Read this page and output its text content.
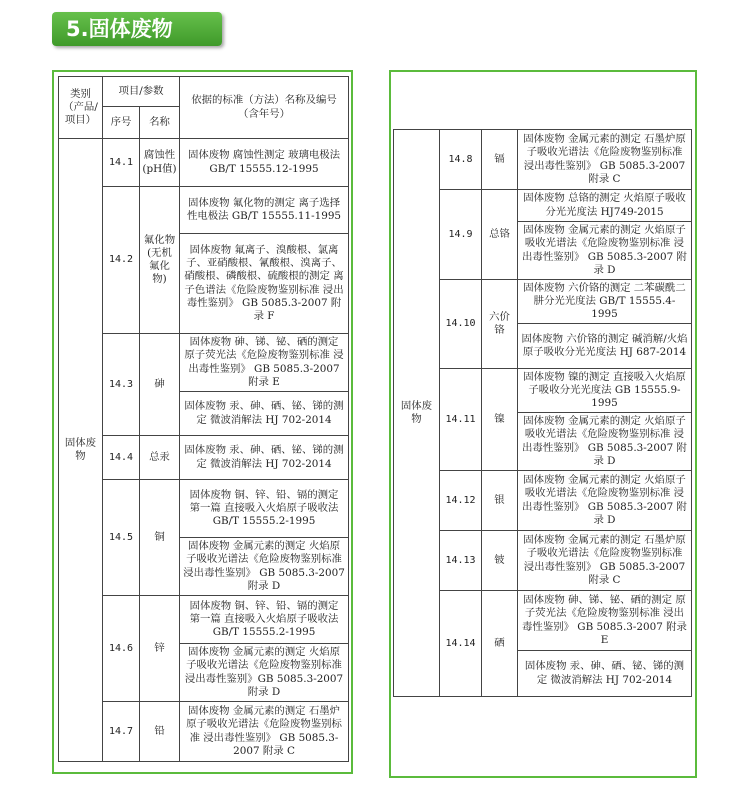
5.固体废物
类别（产品/项目）	项目/参数		依据的标准（方法）名称及编号（含年号）
	序号	名称	
固体废物	14.1	腐蚀性(pH值)	固体废物 腐蚀性测定 玻璃电极法 GB/T 15555.12-1995
	14.2	氟化物(无机氟化物)	固体废物 氟化物的测定 离子选择性电极法 GB/T 15555.11-1995
			固体废物 氟离子、溴酸根、氯离子、亚硝酸根、氰酸根、溴离子、硝酸根、磷酸根、硫酸根的测定 离子色谱法《危险废物鉴别标准 浸出毒性鉴别》 GB 5085.3-2007 附录 F
	14.3	砷	固体废物 砷、锑、铋、硒的测定 原子荧光法《危险废物鉴别标准 浸出毒性鉴别》 GB 5085.3-2007 附录 E
			固体废物 汞、砷、硒、铋、锑的测定 微波消解法 HJ 702-2014
	14.4	总汞	固体废物 汞、砷、硒、铋、锑的测定 微波消解法 HJ 702-2014
	14.5	铜	固体废物 铜、锌、铅、镉的测定 第一篇 直接吸入火焰原子吸收法 GB/T 15555.2-1995
			固体废物 金属元素的测定 火焰原子吸收光谱法《危险废物鉴别标准 浸出毒性鉴别》 GB 5085.3-2007 附录 D
	14.6	锌	固体废物 铜、锌、铅、镉的测定 第一篇 直接吸入火焰原子吸收法 GB/T 15555.2-1995
			固体废物 金属元素的测定 火焰原子吸收光谱法《危险废物鉴别标准 浸出毒性鉴别》GB 5085.3-2007 附录 D
	14.7	铅	固体废物 金属元素的测定 石墨炉原子吸收光谱法《危险废物鉴别标准 浸出毒性鉴别》 GB 5085.3-2007 附录 C
固体废物	14.8	镉	固体废物 金属元素的测定 石墨炉原子吸收光谱法《危险废物鉴别标准 浸出毒性鉴别》 GB 5085.3-2007 附录 C
	14.9	总铬	固体废物 总铬的测定 火焰原子吸收分光光度法 HJ749-2015
			固体废物 金属元素的测定 火焰原子吸收光谱法《危险废物鉴别标准 浸出毒性鉴别》 GB 5085.3-2007 附录 D
	14.10	六价铬	固体废物 六价铬的测定 二苯碳酰二肼分光光度法 GB/T 15555.4-1995
			固体废物 六价铬的测定 碱消解/火焰原子吸收分光光度法 HJ 687-2014
	14.11	镍	固体废物 镍的测定 直接吸入火焰原子吸收分光光度法 GB 15555.9-1995
			固体废物 金属元素的测定 火焰原子吸收光谱法《危险废物鉴别标准 浸出毒性鉴别》 GB 5085.3-2007 附录 D
	14.12	银	固体废物 金属元素的测定 火焰原子吸收光谱法《危险废物鉴别标准 浸出毒性鉴别》 GB 5085.3-2007 附录 D
	14.13	铍	固体废物 金属元素的测定 石墨炉原子吸收光谱法《危险废物鉴别标准 浸出毒性鉴别》 GB 5085.3-2007 附录 C
	14.14	硒	固体废物 砷、锑、铋、硒的测定 原子荧光法《危险废物鉴别标准 浸出毒性鉴别》 GB 5085.3-2007 附录 E
			固体废物 汞、砷、硒、铋、锑的测定 微波消解法 HJ 702-2014
